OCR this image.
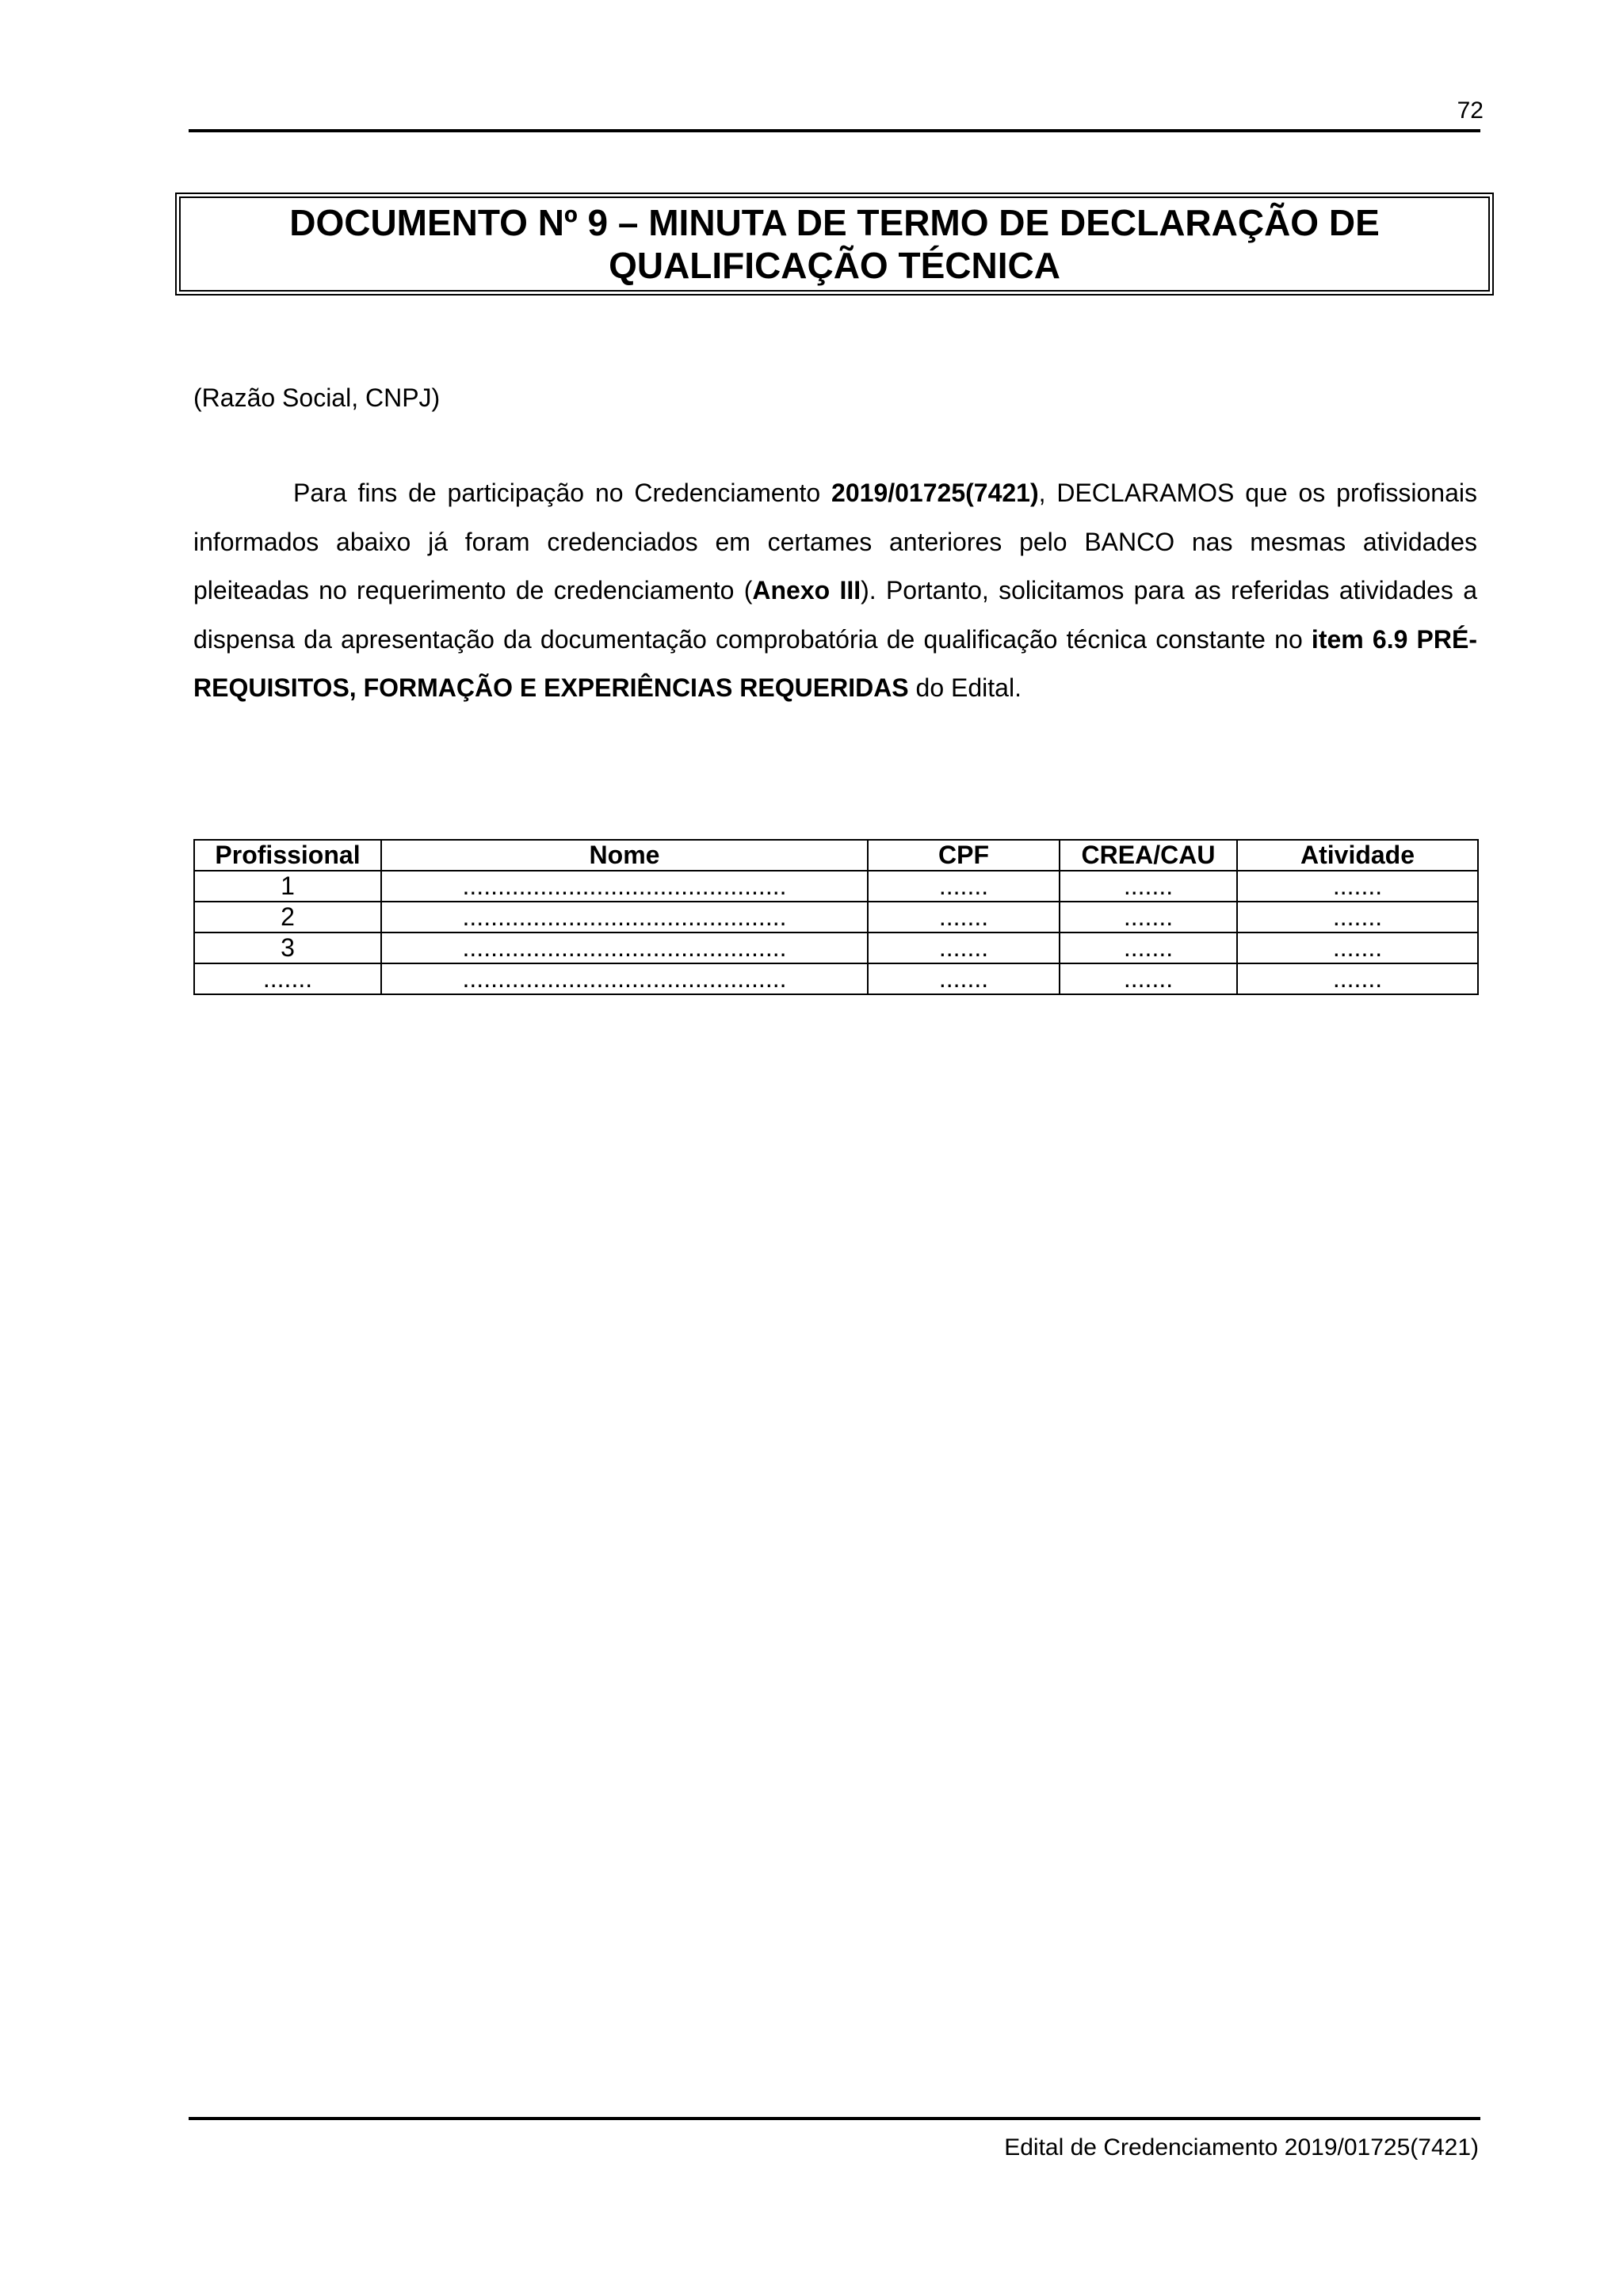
72
DOCUMENTO Nº 9 – MINUTA DE TERMO DE DECLARAÇÃO DE
QUALIFICAÇÃO TÉCNICA
(Razão Social, CNPJ)

Para fins de participação no Credenciamento 2019/01725(7421), DECLARAMOS que os profissionais informados abaixo já foram credenciados em certames anteriores pelo BANCO nas mesmas atividades pleiteadas no requerimento de credenciamento (Anexo III). Portanto, solicitamos para as referidas atividades a dispensa da apresentação da documentação comprobatória de qualificação técnica constante no item 6.9 PRÉ-REQUISITOS, FORMAÇÃO E EXPERIÊNCIAS REQUERIDAS do Edital.

Profissional	Nome	CPF	CREA/CAU	Atividade
1	..............................................	.......	.......	.......
2	..............................................	.......	.......	.......
3	..............................................	.......	.......	.......
.......	..............................................	.......	.......	.......
Edital de Credenciamento 2019/01725(7421)
